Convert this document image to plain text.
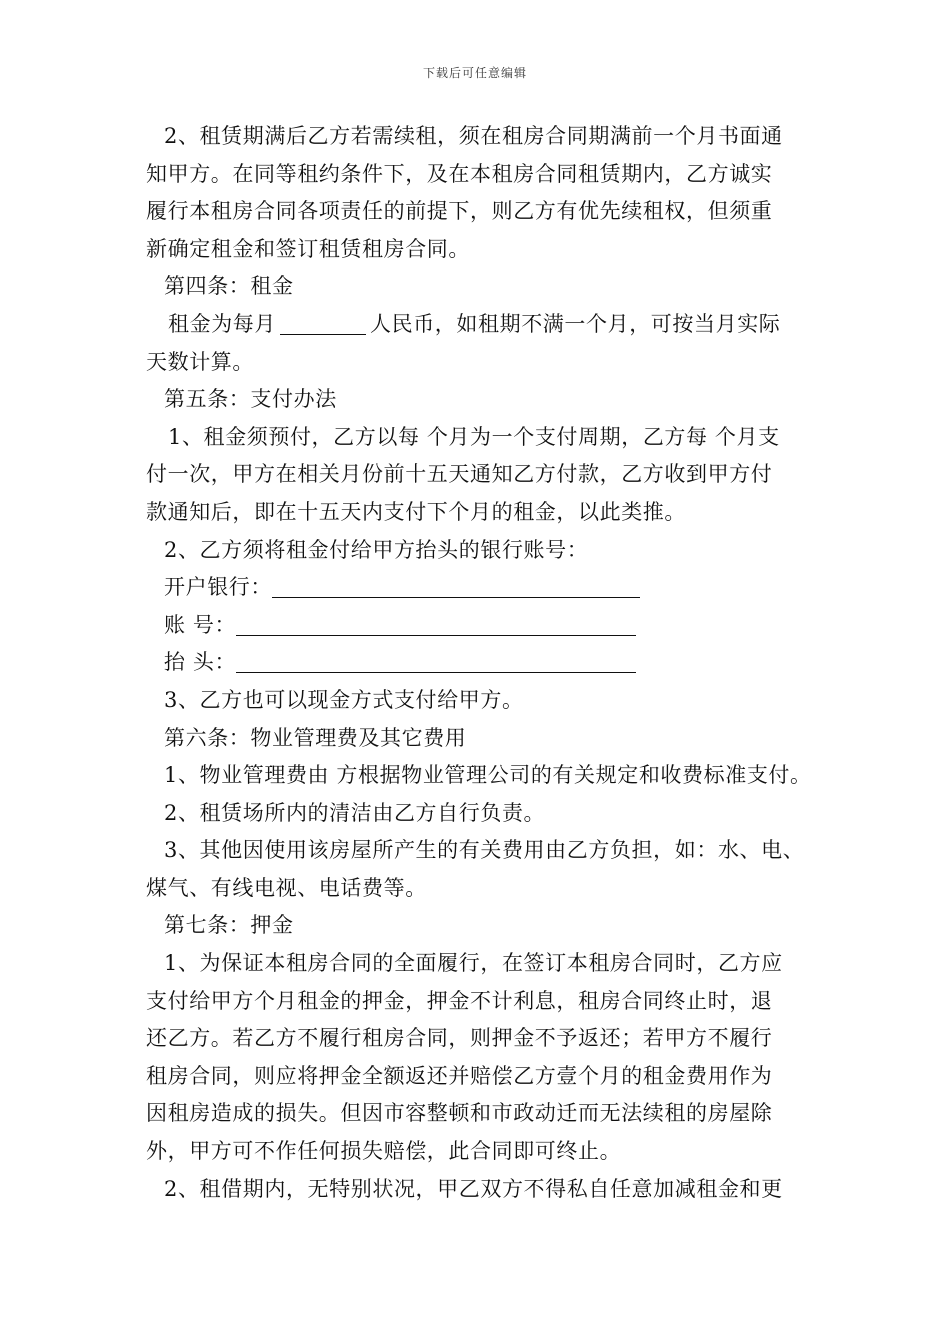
下载后可任意编辑
2、租赁期满后乙方若需续租，须在租房合同期满前一个月书面通
知甲方。在同等租约条件下，及在本租房合同租赁期内，乙方诚实
履行本租房合同各项责任的前提下，则乙方有优先续租权，但须重
新确定租金和签订租赁租房合同。
第四条：租金
租金为每月	人民币，如租期不满一个月，可按当月实际
天数计算。
第五条：支付办法
1、租金须预付，乙方以每 个月为一个支付周期，乙方每 个月支
付一次，甲方在相关月份前十五天通知乙方付款，乙方收到甲方付
款通知后，即在十五天内支付下个月的租金，以此类推。
2、乙方须将租金付给甲方抬头的银行账号：
开户银行：
账 号：
抬 头：
3、乙方也可以现金方式支付给甲方。
第六条：物业管理费及其它费用
1、物业管理费由 方根据物业管理公司的有关规定和收费标准支付。
2、租赁场所内的清洁由乙方自行负责。
3、其他因使用该房屋所产生的有关费用由乙方负担，如：水、电、
煤气、有线电视、电话费等。
第七条：押金
1、为保证本租房合同的全面履行，在签订本租房合同时，乙方应
支付给甲方个月租金的押金，押金不计利息，租房合同终止时，退
还乙方。若乙方不履行租房合同，则押金不予返还；若甲方不履行
租房合同，则应将押金全额返还并赔偿乙方壹个月的租金费用作为
因租房造成的损失。但因市容整顿和市政动迁而无法续租的房屋除
外，甲方可不作任何损失赔偿，此合同即可终止。
2、租借期内，无特别状况，甲乙双方不得私自任意加减租金和更
